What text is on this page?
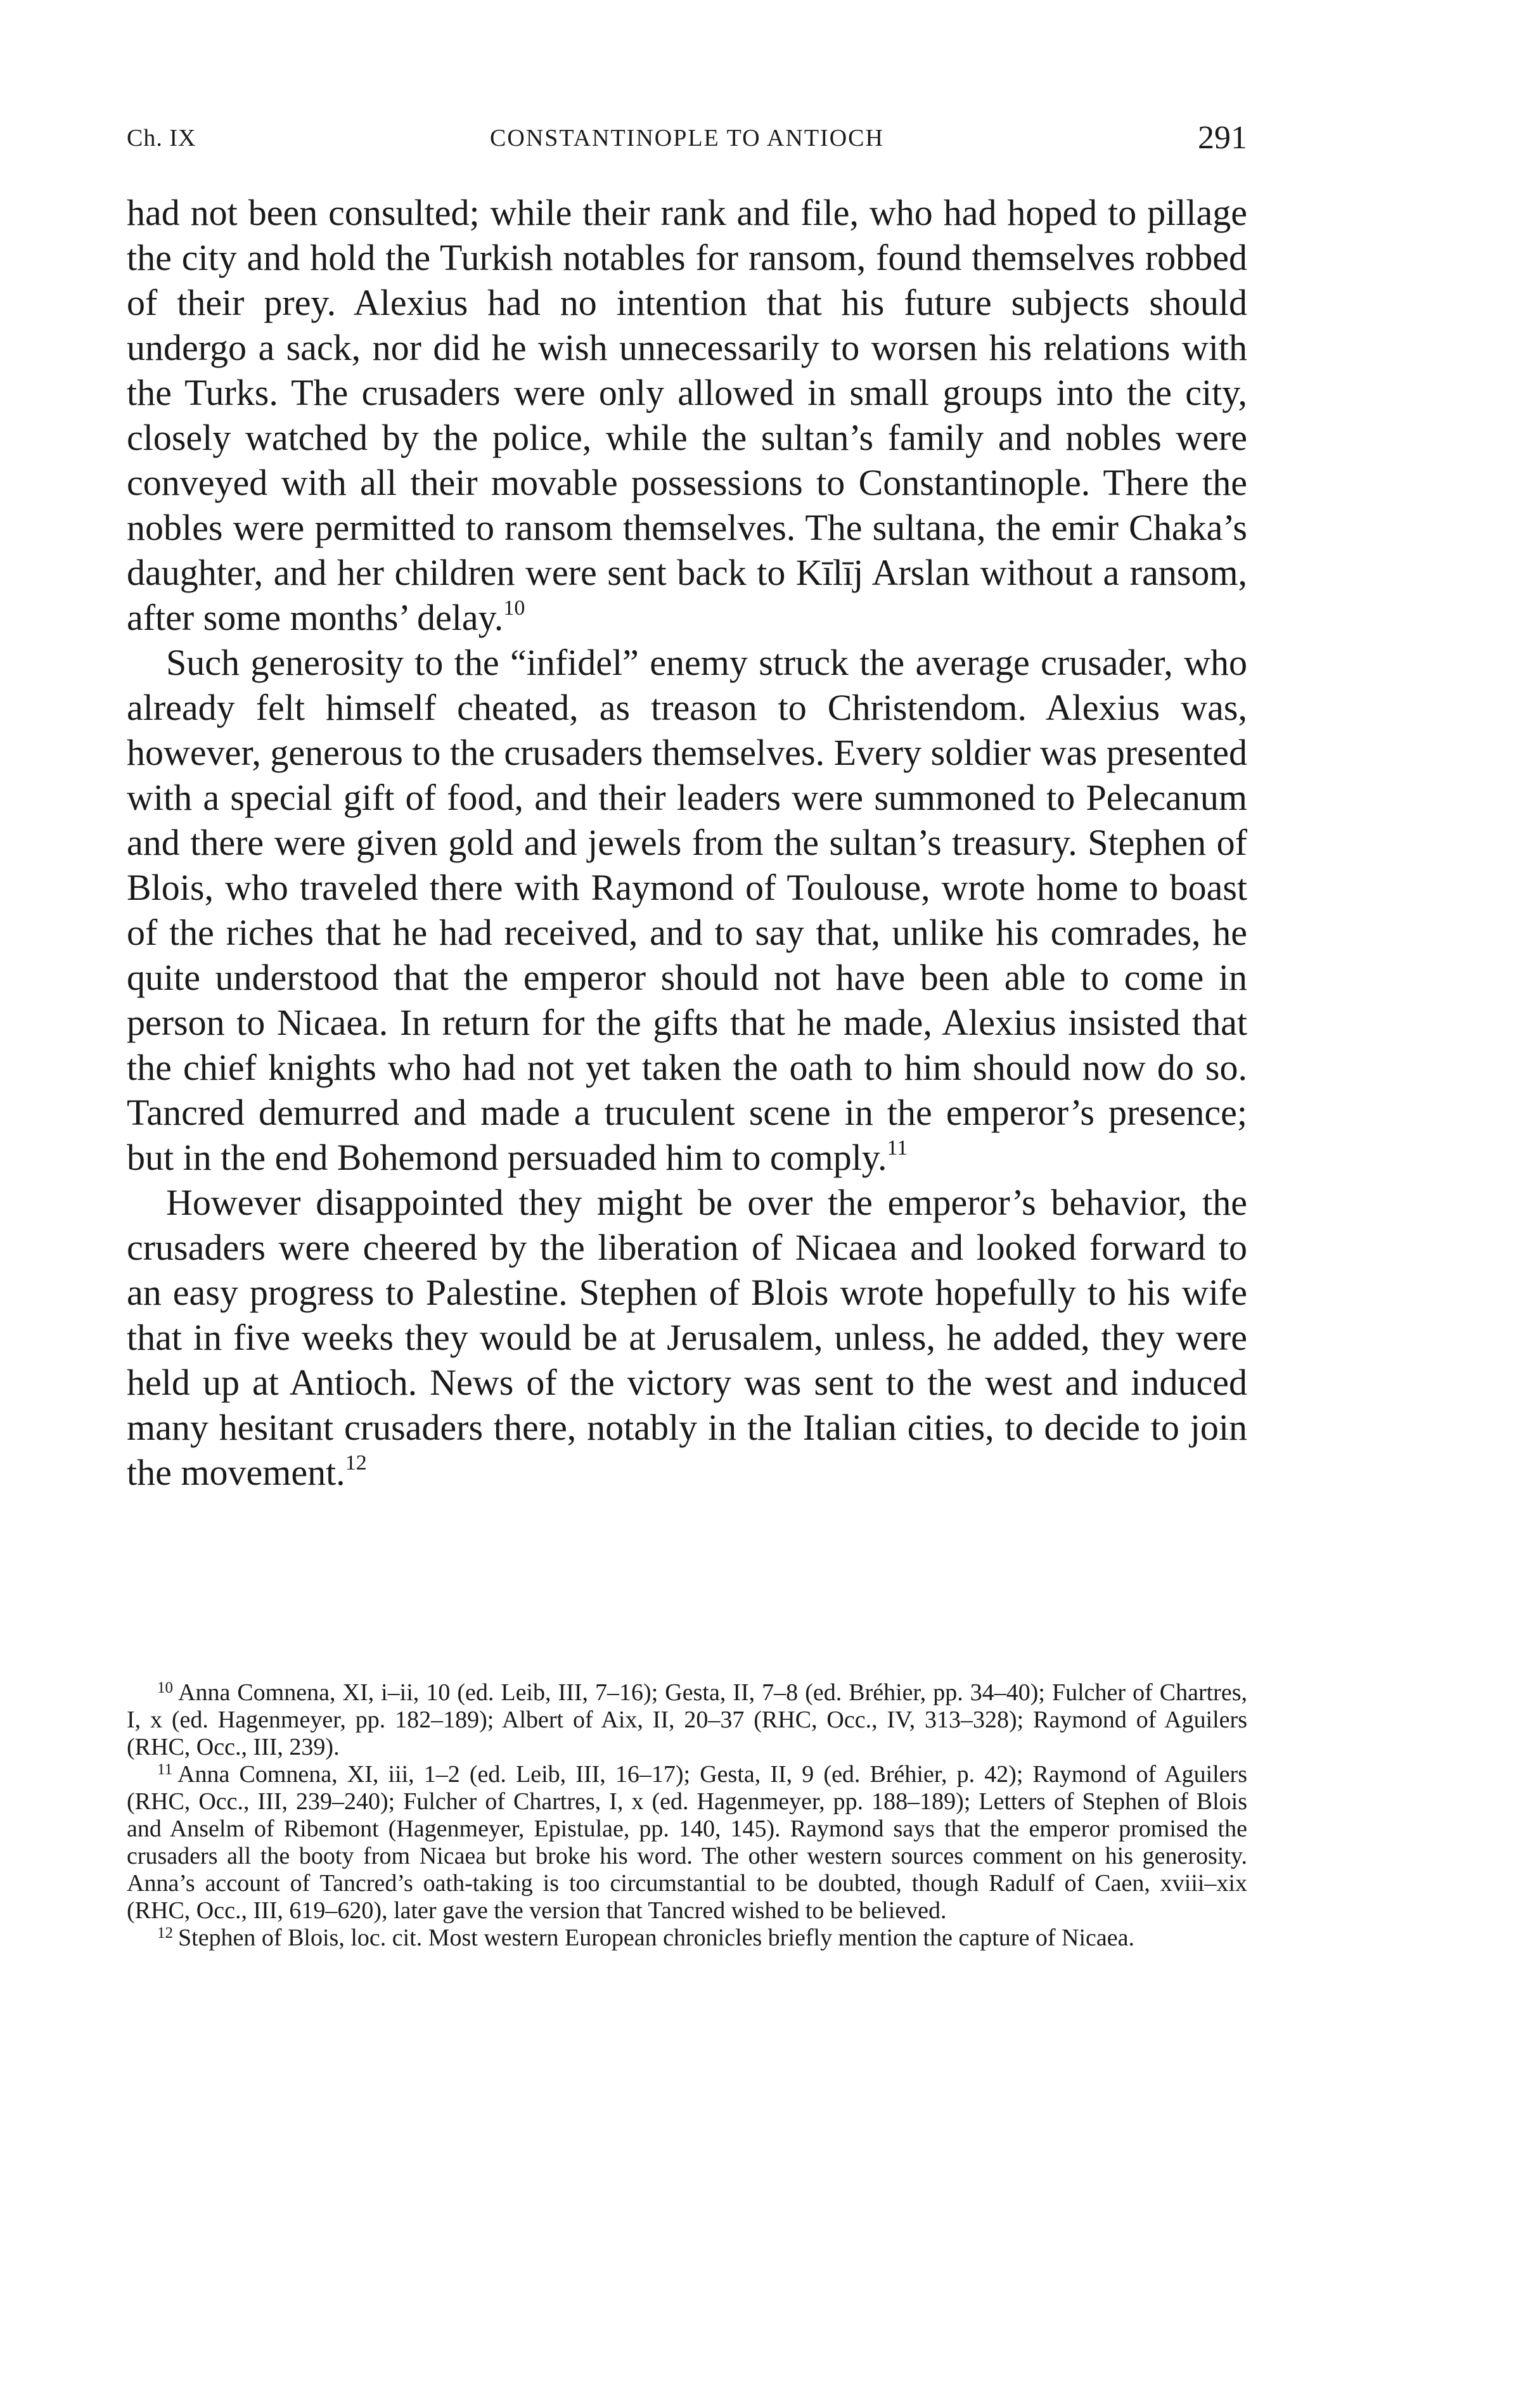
Ch. IX	CONSTANTINOPLE TO ANTIOCH	291

had not been consulted; while their rank and file, who had hoped to pillage the city and hold the Turkish notables for ransom, found themselves robbed of their prey. Alexius had no intention that his future subjects should undergo a sack, nor did he wish unnecessarily to worsen his relations with the Turks. The crusaders were only allowed in small groups into the city, closely watched by the police, while the sultan’s family and nobles were conveyed with all their movable possessions to Constantinople. There the nobles were permitted to ransom themselves. The sultana, the emir Chaka’s daughter, and her children were sent back to Kīlīj Arslan without a ransom, after some months’ delay.$^{10}$

Such generosity to the “infidel” enemy struck the average crusader, who already felt himself cheated, as treason to Christendom. Alexius was, however, generous to the crusaders themselves. Every soldier was presented with a special gift of food, and their leaders were summoned to Pelecanum and there were given gold and jewels from the sultan’s treasury. Stephen of Blois, who traveled there with Raymond of Toulouse, wrote home to boast of the riches that he had received, and to say that, unlike his comrades, he quite understood that the emperor should not have been able to come in person to Nicaea. In return for the gifts that he made, Alexius insisted that the chief knights who had not yet taken the oath to him should now do so. Tancred demurred and made a truculent scene in the emperor’s presence; but in the end Bohemond persuaded him to comply.$^{11}$

However disappointed they might be over the emperor’s behavior, the crusaders were cheered by the liberation of Nicaea and looked forward to an easy progress to Palestine. Stephen of Blois wrote hopefully to his wife that in five weeks they would be at Jerusalem, unless, he added, they were held up at Antioch. News of the victory was sent to the west and induced many hesitant crusaders there, notably in the Italian cities, to decide to join the movement.$^{12}$

$^{10}$ Anna Comnena, XI, i–ii, 10 (ed. Leib, III, 7–16); Gesta, II, 7–8 (ed. Bréhier, pp. 34–40); Fulcher of Chartres, I, x (ed. Hagenmeyer, pp. 182–189); Albert of Aix, II, 20–37 (RHC, Occ., IV, 313–328); Raymond of Aguilers (RHC, Occ., III, 239).

$^{11}$ Anna Comnena, XI, iii, 1–2 (ed. Leib, III, 16–17); Gesta, II, 9 (ed. Bréhier, p. 42); Raymond of Aguilers (RHC, Occ., III, 239–240); Fulcher of Chartres, I, x (ed. Hagenmeyer, pp. 188–189); Letters of Stephen of Blois and Anselm of Ribemont (Hagenmeyer, Epistulae, pp. 140, 145). Raymond says that the emperor promised the crusaders all the booty from Nicaea but broke his word. The other western sources comment on his generosity. Anna’s account of Tancred’s oath-taking is too circumstantial to be doubted, though Radulf of Caen, xviii–xix (RHC, Occ., III, 619–620), later gave the version that Tancred wished to be believed.

$^{12}$ Stephen of Blois, loc. cit. Most western European chronicles briefly mention the capture of Nicaea.
